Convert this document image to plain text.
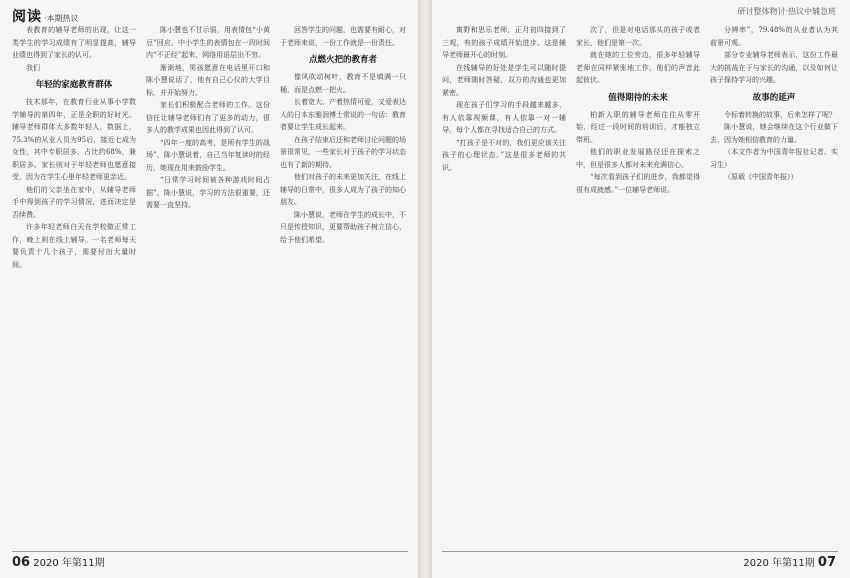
阅读 ·本期热议

表教育的辅导老师的出现，让这一类学生的学习成绩有了明显提高，辅导业绩也得到了家长的认可。

我们

年轻的家庭教育群体

技术那年，在教育行业从事小学数学辅导的第四年，正是全职的好时光。辅导老师群体大多数年轻人，数据上，75.3%的从业人员为95后，接近七成为女性，其中专职居多，占比约68%，兼职居多。家长则对于年轻老师也愿意接受，因为在学生心里年轻老师更亲近。

他们的父亲坐在家中，从辅导老师手中得到孩子的学习情况，进而决定是否续费。

许多年轻老师白天在学校做正常工作，晚上则在线上辅导。一名老师每天要负责十几个孩子，需要付出大量时间。

陈小慧也不甘示弱，用表情包“小黄豆”回应。中小学生的表情包在一段时间内“不正经”起来，网络用语层出不穷。

渐渐地，男孩愿意在电话里开口和陈小慧说话了，他有自己心仪的大学目标，并开始努力。

家长们积极配合老师的工作。这份信任让辅导老师们有了更多的动力，很多人的教学成果也因此得到了认可。

“四年一度的高考，是所有学生的战场”，陈小慧说着，自己当年复读时的经历，她现在用来鼓励学生。

“日常学习时间被各种游戏时间占据”，陈小慧说，学习的方法很重要，还需要一直坚持。

回答学生的问题，也需要有耐心，对于老师来说，一份工作就是一份责任。

点燃火把的教育者

像风吹动树叶，教育不是填满一只桶，而是点燃一把火。

长着宽大、产着热情可爱，又爱表达人的日本东雅润博士常说的一句话：教育者要让学生成长起来。

在孩子结束后还和老师讨论问题的场景很常见，一些家长对于孩子的学习状态也有了新的期待。

他们对孩子的未来更加关注，在线上辅导的日常中，很多人成为了孩子的知心朋友。

陈小慧说，老师在学生的成长中，不只是传授知识，更要帮助孩子树立信心，给予他们希望。

06 2020 年第11期
研讨整体物讨·热议中辅急班

寓野和思乐老师，正月初四接到了三观，有的孩子成绩开始进步。这是辅导老师最开心的时刻。

在线辅导的好处是学生可以随时提问，老师随时答疑，双方的沟通也更加紧密。

现在孩子们学习的手段越来越多，有人依靠视频课，有人依靠一对一辅导，每个人都在寻找适合自己的方式。

“打孩子是不对的，我们更应该关注孩子的心理状态。”这是很多老师的共识。

次了，但是对电话那头的孩子或者家长，他们是第一次。

就在她的工位旁边，很多年轻辅导老师在同样紧张地工作，他们的声音此起彼伏。

值得期待的未来

柏新人职的辅导老师往往从零开始，经过一段时间的培训后，才能独立带班。

他们的职业发展路径还在探索之中，但是很多人都对未来充满信心。

“每次看到孩子们的进步，我都觉得很有成就感。”一位辅导老师说。

分辨率”，79.48%的从业者认为其前景可观。

部分专业辅导老师表示，这份工作最大的挑战在于与家长的沟通，以及如何让孩子保持学习的兴趣。

故事的延声

令标着转换的故事，后来怎样了呢？

陈小慧说，她会继续在这个行业做下去，因为她相信教育的力量。

（本文作者为中国青年报社记者、实习生）

（原载《中国青年报》）

2020 年第11期 07
